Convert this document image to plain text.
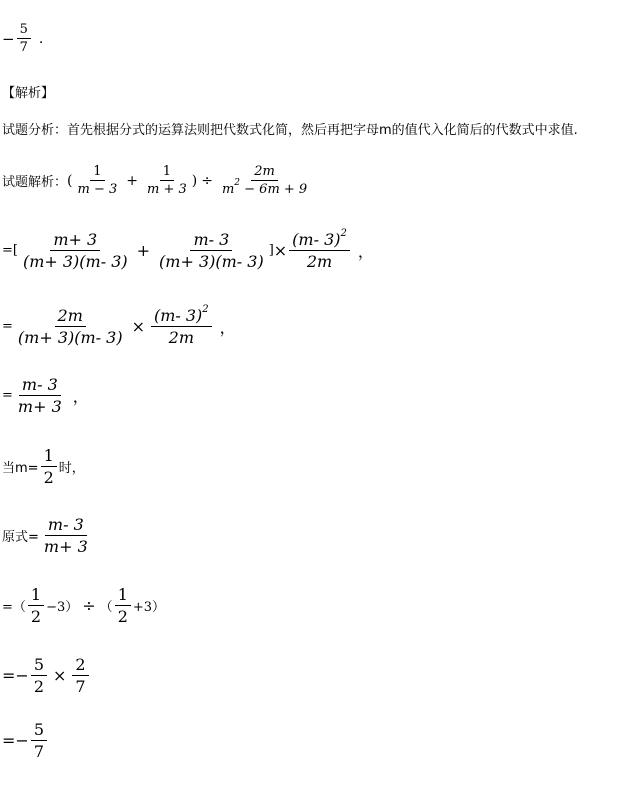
− $\frac{5}{7}$ .
【解析】
试题分析： 首先根据分式的运算法则把代数式化简，然后再把字母m的值代入化简后的代数式中求值.
试题解析： ( $\frac{1}{m - 3} + \frac{1}{m + 3}$ ) ÷ $\frac{2m}{m^2 - 6m + 9}$
=[ $\frac{m+ 3}{(m+ 3)(m- 3)} + \frac{m- 3}{(m+ 3)(m- 3)}$ ] × $\frac{(m- 3)^2}{2m}$ ，
= $\frac{2m}{(m+ 3)(m- 3)} \times \frac{(m- 3)^2}{2m}$ ，
= $\frac{m- 3}{m+ 3}$ ，
当$m= \frac{1}{2}$ 时，
原式= $\frac{m- 3}{m+ 3}$
=（ $\frac{1}{2} -3$） ÷ （ $\frac{1}{2} +3$）
=− $\frac{5}{2} \times \frac{2}{7}$
=− $\frac{5}{7}$
